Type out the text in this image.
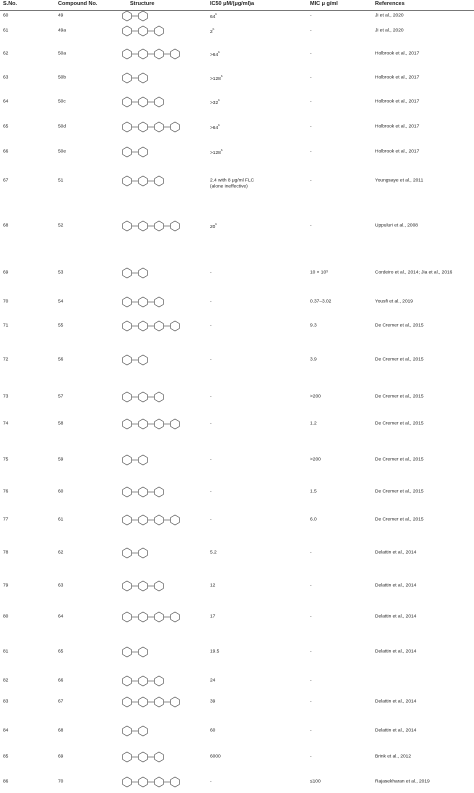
S.No.	Compound No.	Structure	IC50 μM/(μg/ml)a	MIC μ g/ml	References
60	49	64$^b$	-	Ji et al., 2020
61	49a	2$^b$	-	Ji et al., 2020
62	50a	$>64^b$	-	Holbrook et al., 2017
63	50b	$>128^b$	-	Holbrook et al., 2017
64	50c	$>32^b$	-	Holbrook et al., 2017
65	50d	$>64^b$	-	Holbrook et al., 2017
66	50e	$>128^b$	-	Holbrook et al., 2017
67	51	2.4 with 8 μg/ml FLC
(alone ineffective)
-	Youngsaye et al., 2011
68	52	20$^b$	-	Uppuluri et al., 2008
69	53	-	10 × 10³	Cordeiro et al., 2014; Jia et al., 2016
70	54	-	0.37–3.02	Yousfi et al., 2019
71	55	-	9.3	De Cremer et al., 2015
72	56	-	3.9	De Cremer et al., 2015
73	57	-	>200	De Cremer et al., 2015
74	58	-	1.2	De Cremer et al., 2015
75	59	-	>200	De Cremer et al., 2015
76	60	-	1.5	De Cremer et al., 2015
77	61	-	6.0	De Cremer et al., 2015
78	62	5.2	-	Delattin et al., 2014
79	63	12	-	Delattin et al., 2014
80	64	17	-	Delattin et al., 2014
81	65	19.5	-	Delattin et al., 2014
82	66	24	-
83	67	39	-	Delattin et al., 2014
84	68	60	-	Delattin et al., 2014
85	69	6000	-	Brink et al., 2012
86	70	-	≤100	Rajasekharan et al., 2019
